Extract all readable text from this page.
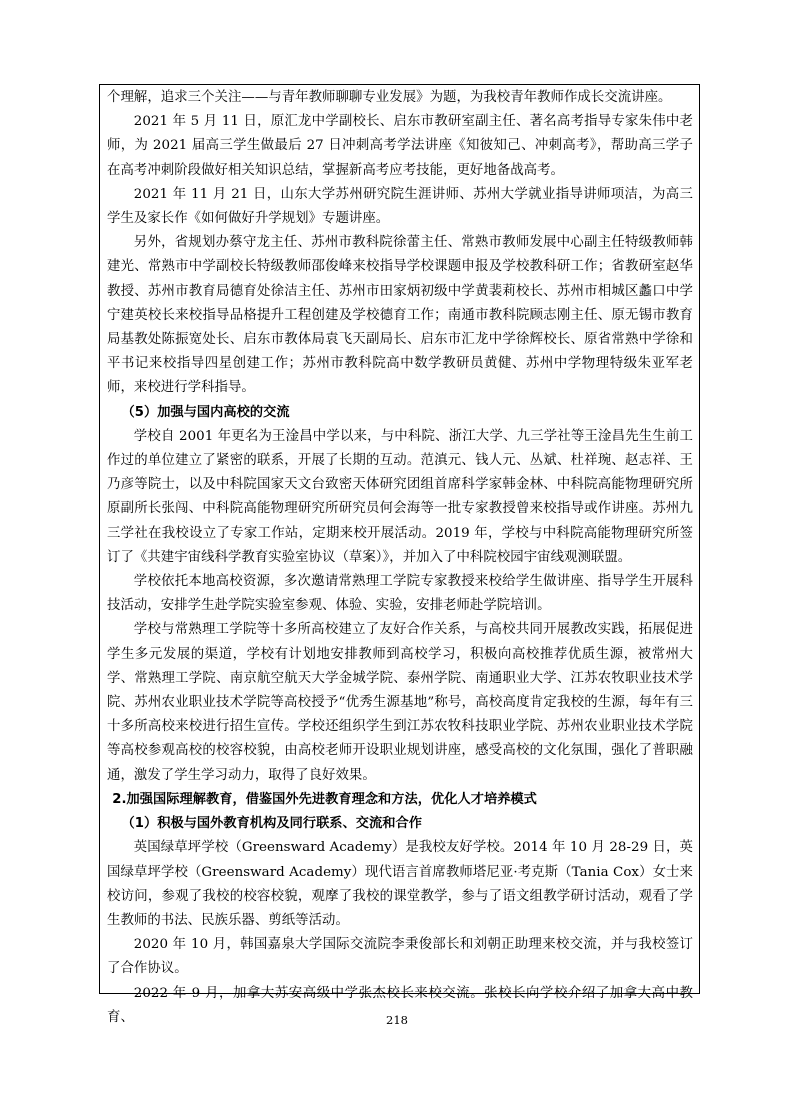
个理解，追求三个关注——与青年教师聊聊专业发展》为题，为我校青年教师作成长交流讲座。

2021 年 5 月 11 日，原汇龙中学副校长、启东市教研室副主任、著名高考指导专家朱伟中老师，为 2021 届高三学生做最后 27 日冲刺高考学法讲座《知彼知己、冲刺高考》，帮助高三学子在高考冲刺阶段做好相关知识总结，掌握新高考应考技能，更好地备战高考。

2021 年 11 月 21 日，山东大学苏州研究院生涯讲师、苏州大学就业指导讲师项洁，为高三学生及家长作《如何做好升学规划》专题讲座。

另外，省规划办蔡守龙主任、苏州市教科院徐蕾主任、常熟市教师发展中心副主任特级教师韩建光、常熟市中学副校长特级教师邵俊峰来校指导学校课题申报及学校教科研工作；省教研室赵华教授、苏州市教育局德育处徐洁主任、苏州市田家炳初级中学黄裴莉校长、苏州市相城区蠡口中学宁建英校长来校指导品格提升工程创建及学校德育工作；南通市教科院顾志刚主任、原无锡市教育局基教处陈振宽处长、启东市教体局袁飞天副局长、启东市汇龙中学徐辉校长、原省常熟中学徐和平书记来校指导四星创建工作；苏州市教科院高中数学教研员黄健、苏州中学物理特级朱亚军老师，来校进行学科指导。

（5）加强与国内高校的交流

学校自 2001 年更名为王淦昌中学以来，与中科院、浙江大学、九三学社等王淦昌先生生前工作过的单位建立了紧密的联系，开展了长期的互动。范滇元、钱人元、丛斌、杜祥琬、赵志祥、王乃彦等院士，以及中科院国家天文台致密天体研究团组首席科学家韩金林、中科院高能物理研究所原副所长张闯、中科院高能物理研究所研究员何会海等一批专家教授曾来校指导或作讲座。苏州九三学社在我校设立了专家工作站，定期来校开展活动。2019 年，学校与中科院高能物理研究所签订了《共建宇宙线科学教育实验室协议（草案）》，并加入了中科院校园宇宙线观测联盟。

学校依托本地高校资源，多次邀请常熟理工学院专家教授来校给学生做讲座、指导学生开展科技活动，安排学生赴学院实验室参观、体验、实验，安排老师赴学院培训。

学校与常熟理工学院等十多所高校建立了友好合作关系，与高校共同开展教改实践，拓展促进学生多元发展的渠道，学校有计划地安排教师到高校学习，积极向高校推荐优质生源，被常州大学、常熟理工学院、南京航空航天大学金城学院、泰州学院、南通职业大学、江苏农牧职业技术学院、苏州农业职业技术学院等高校授予“优秀生源基地”称号，高校高度肯定我校的生源，每年有三十多所高校来校进行招生宣传。学校还组织学生到江苏农牧科技职业学院、苏州农业职业技术学院等高校参观高校的校容校貌，由高校老师开设职业规划讲座，感受高校的文化氛围，强化了普职融通，激发了学生学习动力，取得了良好效果。

2.加强国际理解教育，借鉴国外先进教育理念和方法，优化人才培养模式

（1）积极与国外教育机构及同行联系、交流和合作

英国绿草坪学校（Greensward Academy）是我校友好学校。2014 年 10 月 28-29 日，英国绿草坪学校（Greensward Academy）现代语言首席教师塔尼亚·考克斯（Tania Cox）女士来校访问，参观了我校的校容校貌，观摩了我校的课堂教学，参与了语文组教学研讨活动，观看了学生教师的书法、民族乐器、剪纸等活动。

2020 年 10 月，韩国嘉泉大学国际交流院李秉俊部长和刘朝正助理来校交流，并与我校签订了合作协议。

2022 年 9 月，加拿大苏安高级中学张杰校长来校交流。张校长向学校介绍了加拿大高中教育、	218
